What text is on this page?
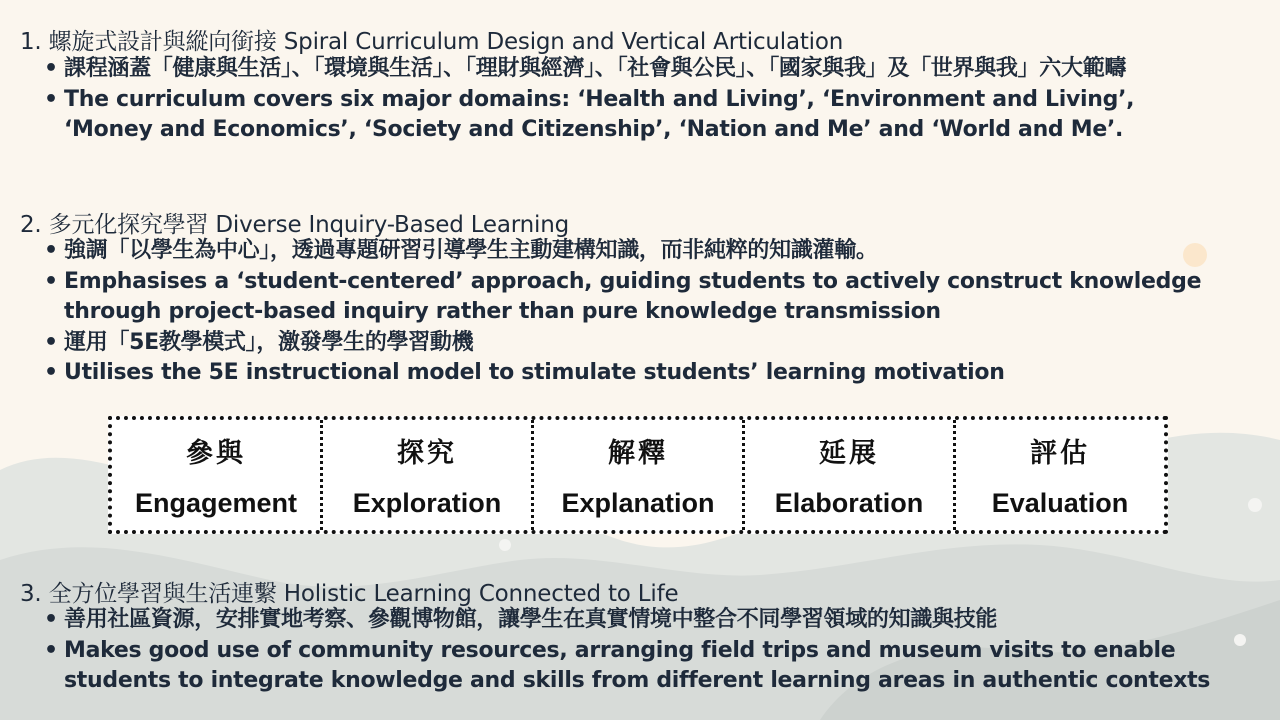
1. 螺旋式設計與縱向銜接 Spiral Curriculum Design and Vertical Articulation
• 課程涵蓋「健康與生活」、「環境與生活」、「理財與經濟」、「社會與公民」、「國家與我」及「世界與我」六大範疇
• The curriculum covers six major domains: ‘Health and Living’, ‘Environment and Living’, ‘Money and Economics’, ‘Society and Citizenship’, ‘Nation and Me’ and ‘World and Me’.
2. 多元化探究學習 Diverse Inquiry-Based Learning
• 強調「以學生為中心」，透過專題研習引導學生主動建構知識，而非純粹的知識灌輸。
• Emphasises a ‘student-centered’ approach, guiding students to actively construct knowledge through project-based inquiry rather than pure knowledge transmission
• 運用「5E教學模式」，激發學生的學習動機
• Utilises the 5E instructional model to stimulate students’ learning motivation
參與
Engagement
探究
Exploration
解釋
Explanation
延展
Elaboration
評估
Evaluation
3. 全方位學習與生活連繫 Holistic Learning Connected to Life
• 善用社區資源，安排實地考察、參觀博物館，讓學生在真實情境中整合不同學習領域的知識與技能
• Makes good use of community resources, arranging field trips and museum visits to enable students to integrate knowledge and skills from different learning areas in authentic contexts
